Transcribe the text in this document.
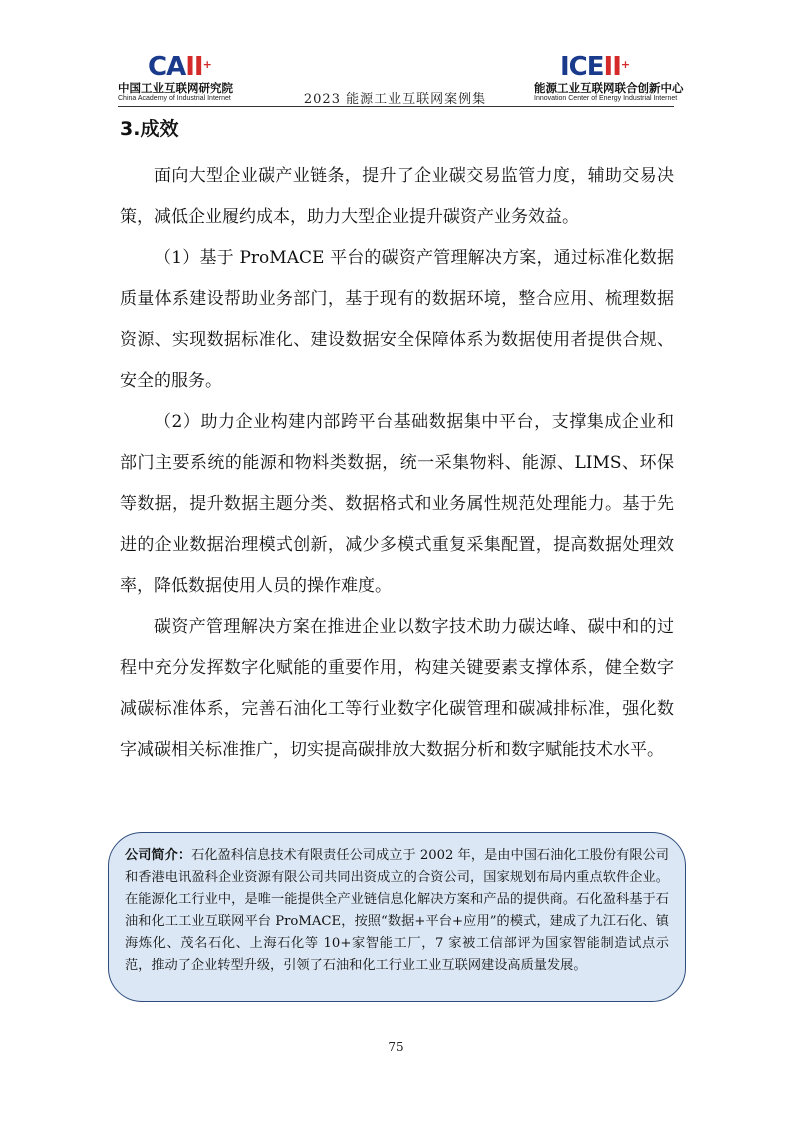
CAII+
中国工业互联网研究院
China Academy of Industrial Internet	2023 能源工业互联网案例集
ICEII+
能源工业互联网联合创新中心
Innovation Center of Energy Industrial Internet
3.成效

面向大型企业碳产业链条，提升了企业碳交易监管力度，辅助交易决策，减低企业履约成本，助力大型企业提升碳资产业务效益。

（1）基于 ProMACE 平台的碳资产管理解决方案，通过标准化数据质量体系建设帮助业务部门，基于现有的数据环境，整合应用、梳理数据资源、实现数据标准化、建设数据安全保障体系为数据使用者提供合规、安全的服务。

（2）助力企业构建内部跨平台基础数据集中平台，支撑集成企业和部门主要系统的能源和物料类数据，统一采集物料、能源、LIMS、环保等数据，提升数据主题分类、数据格式和业务属性规范处理能力。基于先进的企业数据治理模式创新，减少多模式重复采集配置，提高数据处理效率，降低数据使用人员的操作难度。

碳资产管理解决方案在推进企业以数字技术助力碳达峰、碳中和的过程中充分发挥数字化赋能的重要作用，构建关键要素支撑体系，健全数字减碳标准体系，完善石油化工等行业数字化碳管理和碳减排标准，强化数字减碳相关标准推广，切实提高碳排放大数据分析和数字赋能技术水平。

公司简介：石化盈科信息技术有限责任公司成立于 2002 年，是由中国石油化工股份有限公司和香港电讯盈科企业资源有限公司共同出资成立的合资公司，国家规划布局内重点软件企业。在能源化工行业中，是唯一能提供全产业链信息化解决方案和产品的提供商。石化盈科基于石油和化工工业互联网平台 ProMACE，按照“数据+平台+应用”的模式，建成了九江石化、镇海炼化、茂名石化、上海石化等 10+家智能工厂，7 家被工信部评为国家智能制造试点示范，推动了企业转型升级，引领了石油和化工行业工业互联网建设高质量发展。

75
